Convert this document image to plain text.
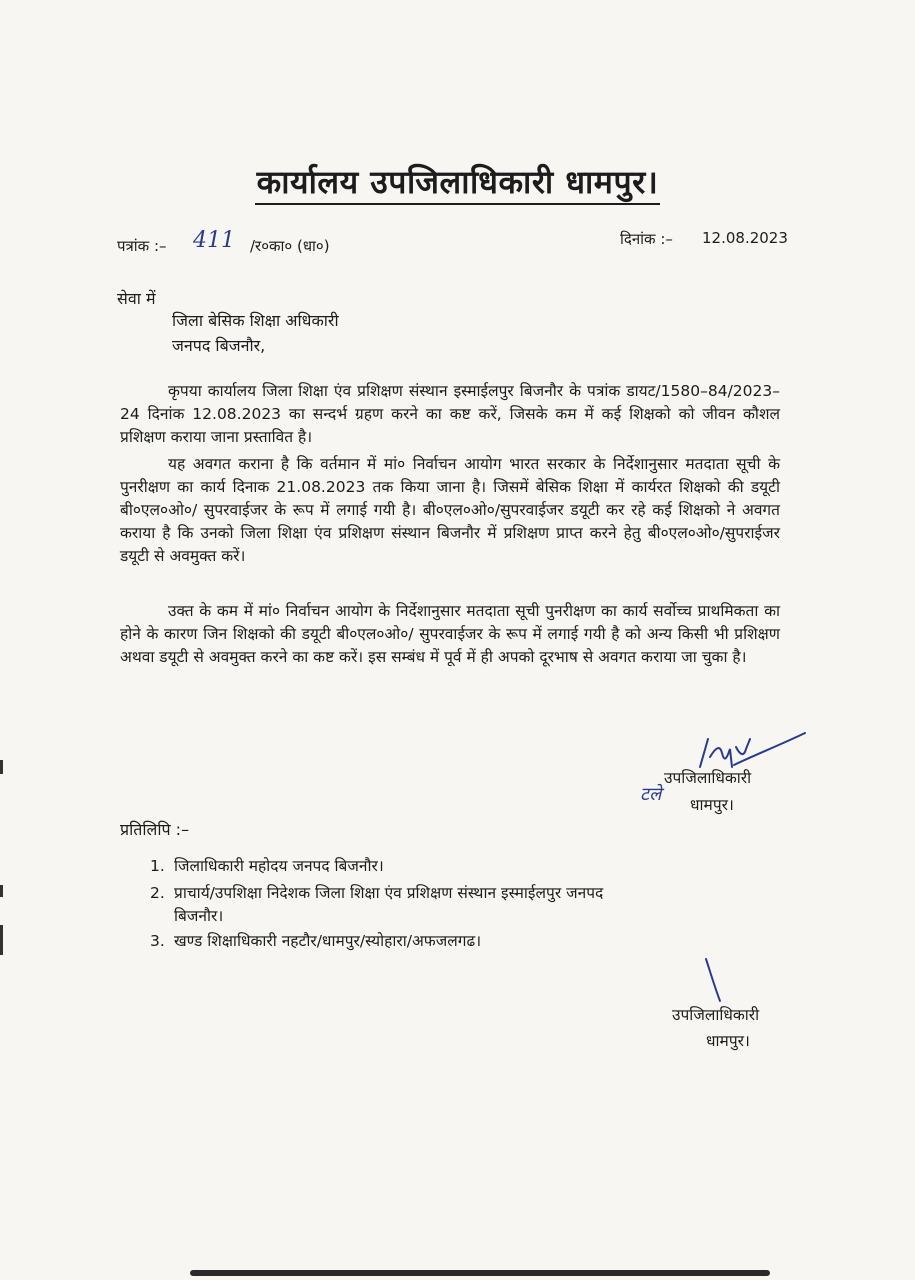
कार्यालय उपजिलाधिकारी धामपुर।
पत्रांक :– 411 /र०का० (धा०)	दिनांक :– 12.08.2023
सेवा में
जिला बेसिक शिक्षा अधिकारी
जनपद बिजनौर,
कृपया कार्यालय जिला शिक्षा एंव प्रशिक्षण संस्थान इस्माईलपुर बिजनौर के पत्रांक डायट/1580–84/2023–24 दिनांक 12.08.2023 का सन्दर्भ ग्रहण करने का कष्ट करें, जिसके कम में कई शिक्षको को जीवन कौशल प्रशिक्षण कराया जाना प्रस्तावित है।
यह अवगत कराना है कि वर्तमान में मां० निर्वाचन आयोग भारत सरकार के निर्देशानुसार मतदाता सूची के पुनरीक्षण का कार्य दिनाक 21.08.2023 तक किया जाना है। जिसमें बेसिक शिक्षा में कार्यरत शिक्षको की डयूटी बी०एल०ओ०/ सुपरवाईजर के रूप में लगाई गयी है। बी०एल०ओ०/सुपरवाईजर डयूटी कर रहे कई शिक्षको ने अवगत कराया है कि उनको जिला शिक्षा एंव प्रशिक्षण संस्थान बिजनौर में प्रशिक्षण प्राप्त करने हेतु बी०एल०ओ०/सुपराईजर डयूटी से अवमुक्त करें।
उक्त के कम में मां० निर्वाचन आयोग के निर्देशानुसार मतदाता सूची पुनरीक्षण का कार्य सर्वोच्च प्राथमिकता का होने के कारण जिन शिक्षको की डयूटी बी०एल०ओ०/ सुपरवाईजर के रूप में लगाई गयी है को अन्य किसी भी प्रशिक्षण अथवा डयूटी से अवमुक्त करने का कष्ट करें। इस सम्बंध में पूर्व में ही अपको दूरभाष से अवगत कराया जा चुका है।
उपजिलाधिकारी
टले धामपुर।
प्रतिलिपि :–
1. जिलाधिकारी महोदय जनपद बिजनौर।
2. प्राचार्य/उपशिक्षा निदेशक जिला शिक्षा एंव प्रशिक्षण संस्थान इस्माईलपुर जनपद
बिजनौर।
3. खण्ड शिक्षाधिकारी नहटौर/धामपुर/स्योहारा/अफजलगढ।
उपजिलाधिकारी
धामपुर।
